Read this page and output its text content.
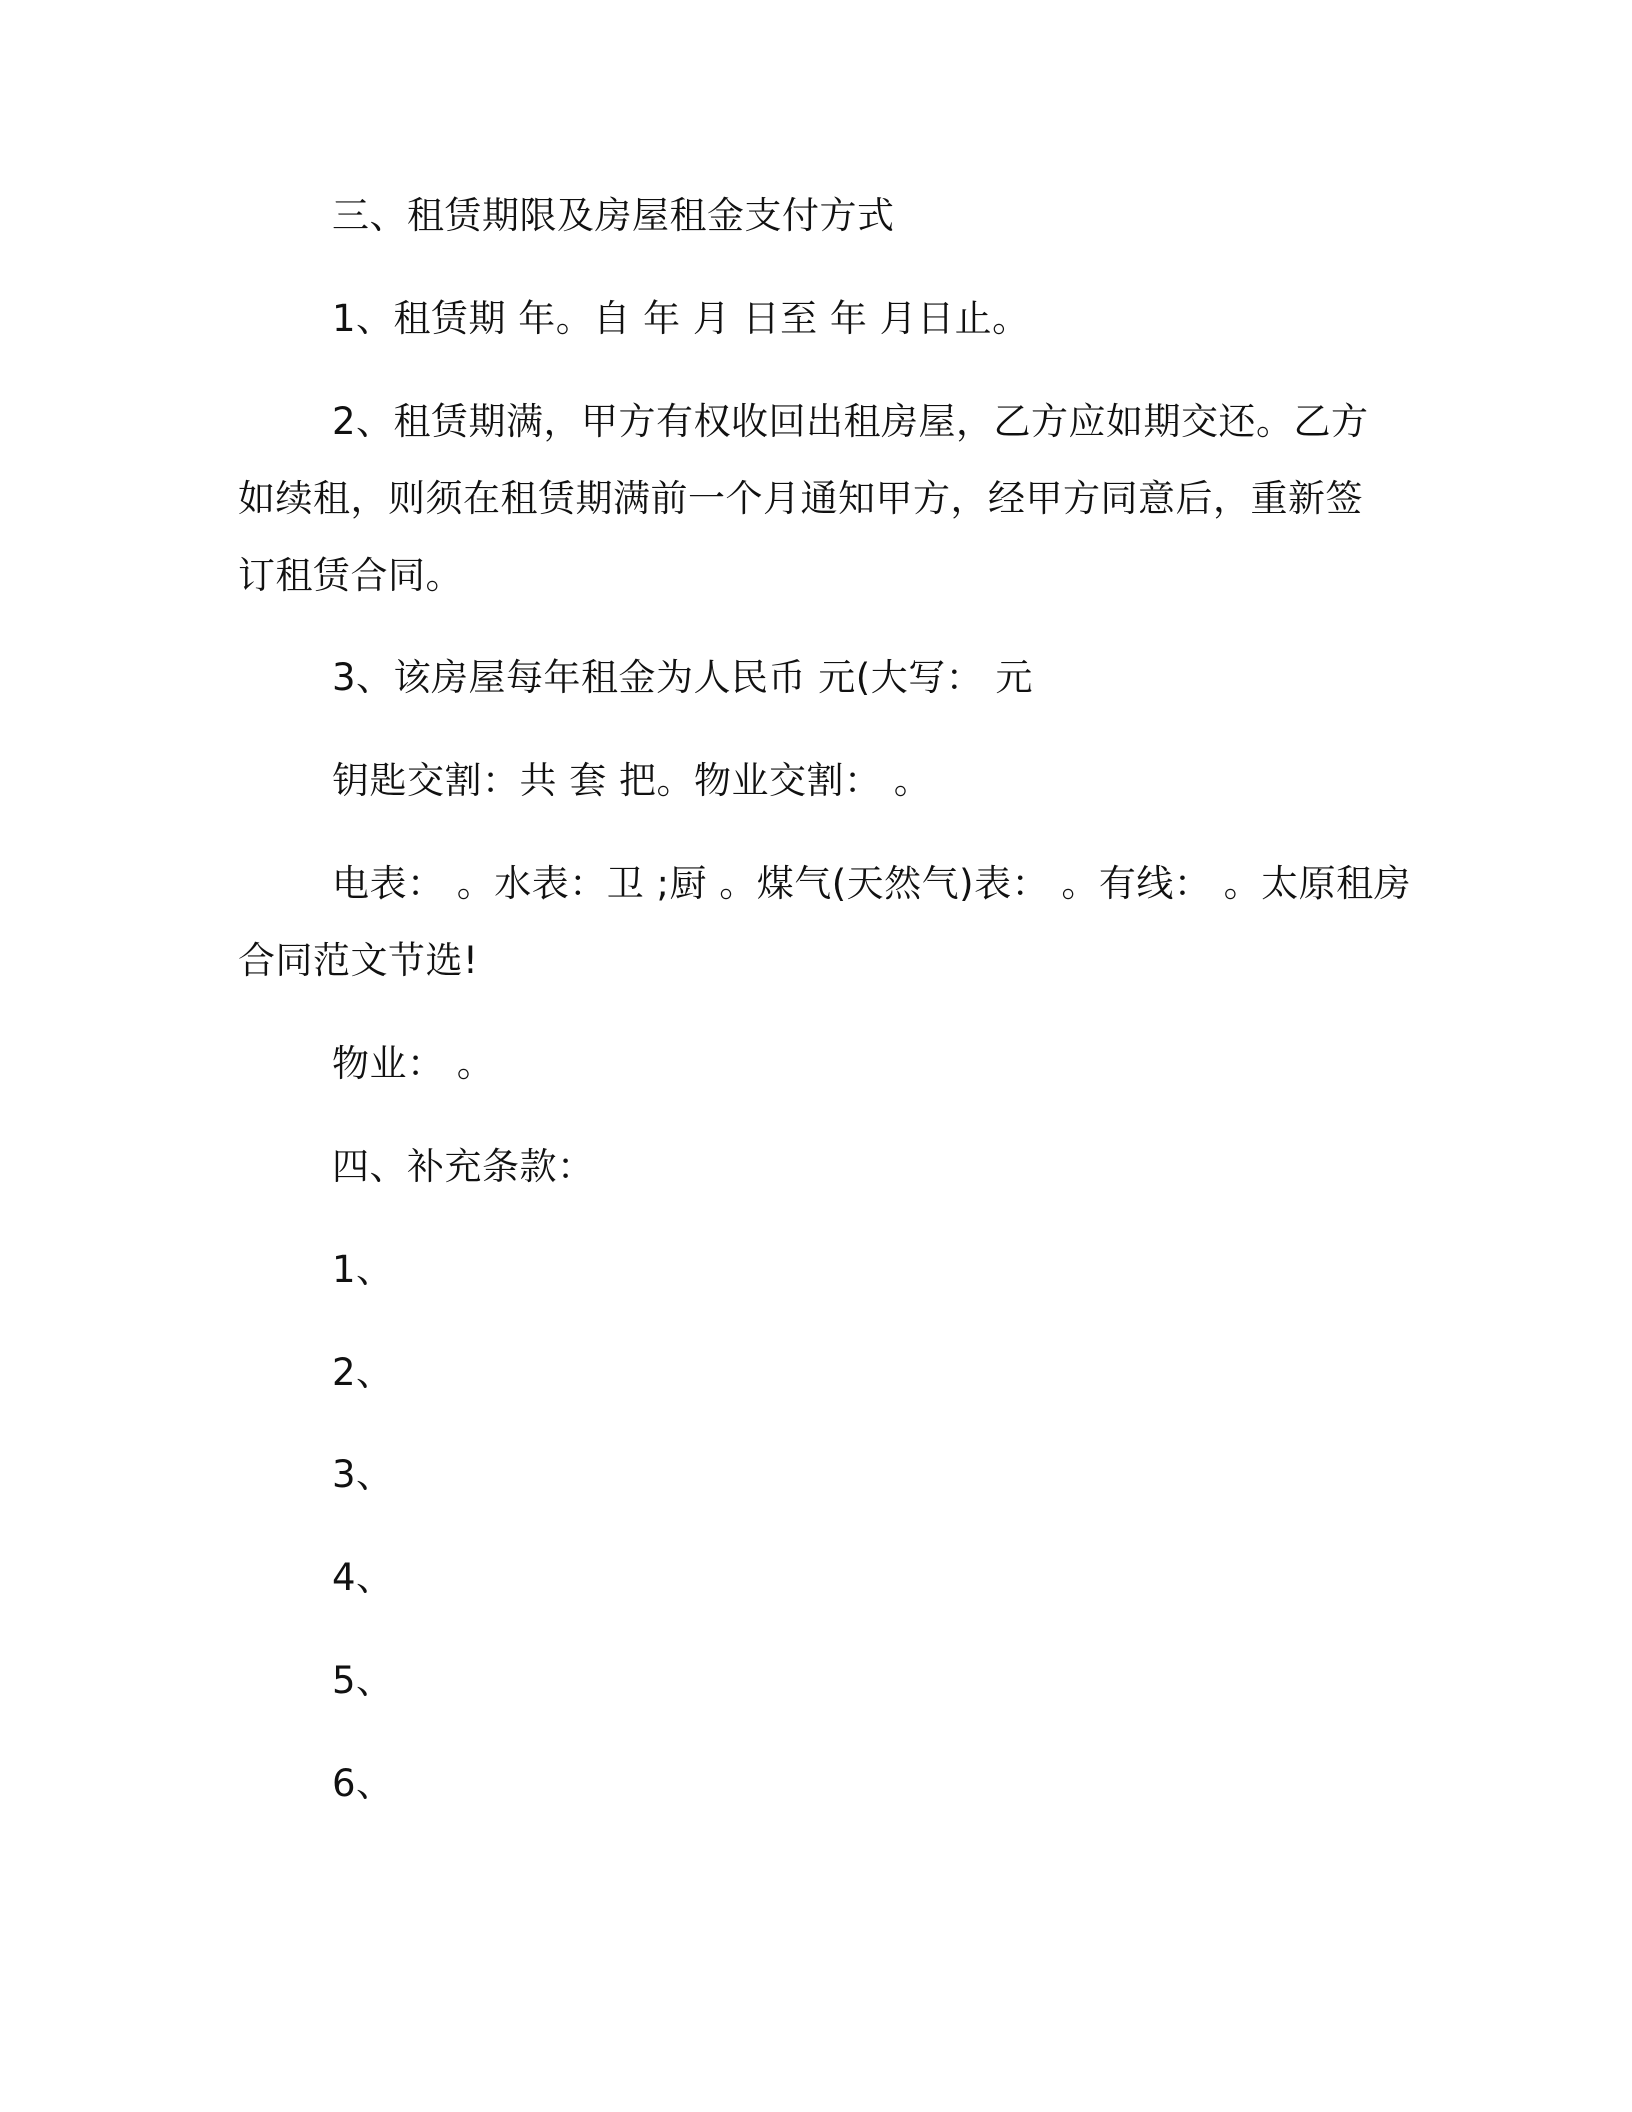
三、租赁期限及房屋租金支付方式
1、租赁期 年。自 年 月 日至 年 月日止。
2、租赁期满，甲方有权收回出租房屋，乙方应如期交还。乙方
如续租，则须在租赁期满前一个月通知甲方，经甲方同意后，重新签
订租赁合同。
3、该房屋每年租金为人民币 元(大写： 元
钥匙交割：共 套 把。物业交割： 。
电表： 。水表：卫 ;厨 。煤气(天然气)表： 。有线： 。太原租房
合同范文节选!
物业： 。
四、补充条款：
1、
2、
3、
4、
5、
6、
